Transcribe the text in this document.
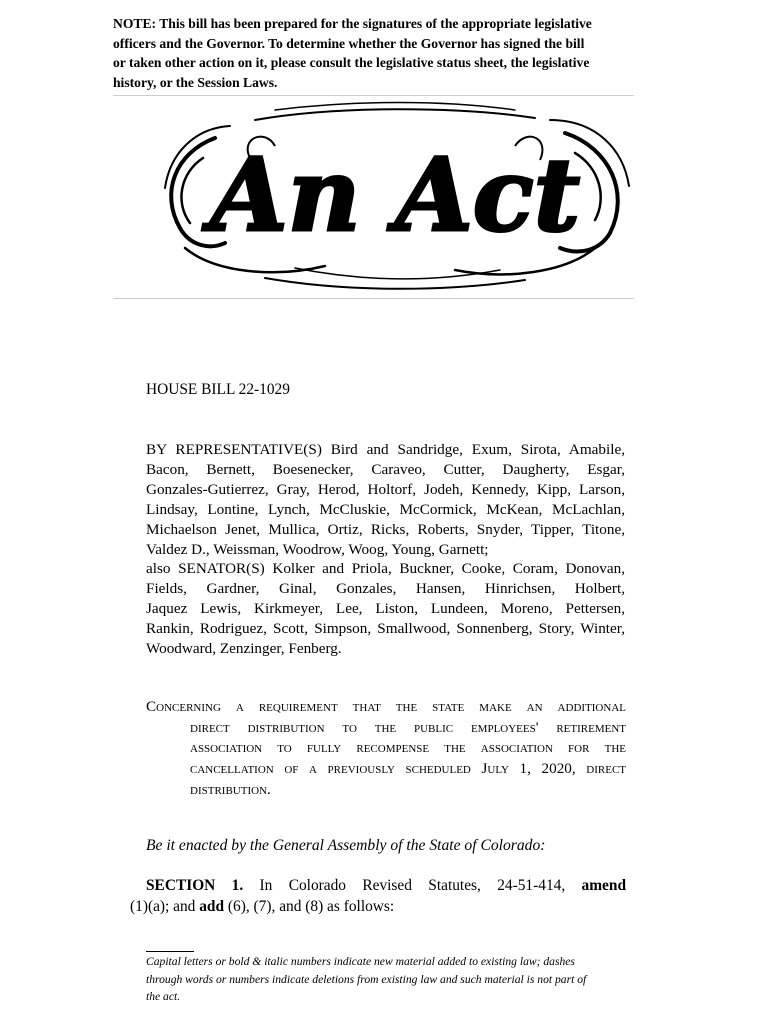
NOTE: This bill has been prepared for the signatures of the appropriate legislative
officers and the Governor. To determine whether the Governor has signed the bill
or taken other action on it, please consult the legislative status sheet, the legislative
history, or the Session Laws.

An Act

HOUSE BILL 22-1029

BY REPRESENTATIVE(S) Bird and Sandridge, Exum, Sirota, Amabile,
Bacon, Bernett, Boesenecker, Caraveo, Cutter, Daugherty, Esgar,
Gonzales-Gutierrez, Gray, Herod, Holtorf, Jodeh, Kennedy, Kipp, Larson,
Lindsay, Lontine, Lynch, McCluskie, McCormick, McKean, McLachlan,
Michaelson Jenet, Mullica, Ortiz, Ricks, Roberts, Snyder, Tipper, Titone,
Valdez D., Weissman, Woodrow, Woog, Young, Garnett;
also SENATOR(S) Kolker and Priola, Buckner, Cooke, Coram, Donovan,
Fields, Gardner, Ginal, Gonzales, Hansen, Hinrichsen, Holbert,
Jaquez Lewis, Kirkmeyer, Lee, Liston, Lundeen, Moreno, Pettersen,
Rankin, Rodriguez, Scott, Simpson, Smallwood, Sonnenberg, Story, Winter,
Woodward, Zenzinger, Fenberg.

Concerning a requirement that the state make an additional
direct distribution to the public employees' retirement
association to fully recompense the association for the
cancellation of a previously scheduled July 1, 2020, direct
distribution.

Be it enacted by the General Assembly of the State of Colorado:

SECTION 1. In Colorado Revised Statutes, 24-51-414, amend
(1)(a); and add (6), (7), and (8) as follows:

Capital letters or bold & italic numbers indicate new material added to existing law; dashes
through words or numbers indicate deletions from existing law and such material is not part of
the act.
